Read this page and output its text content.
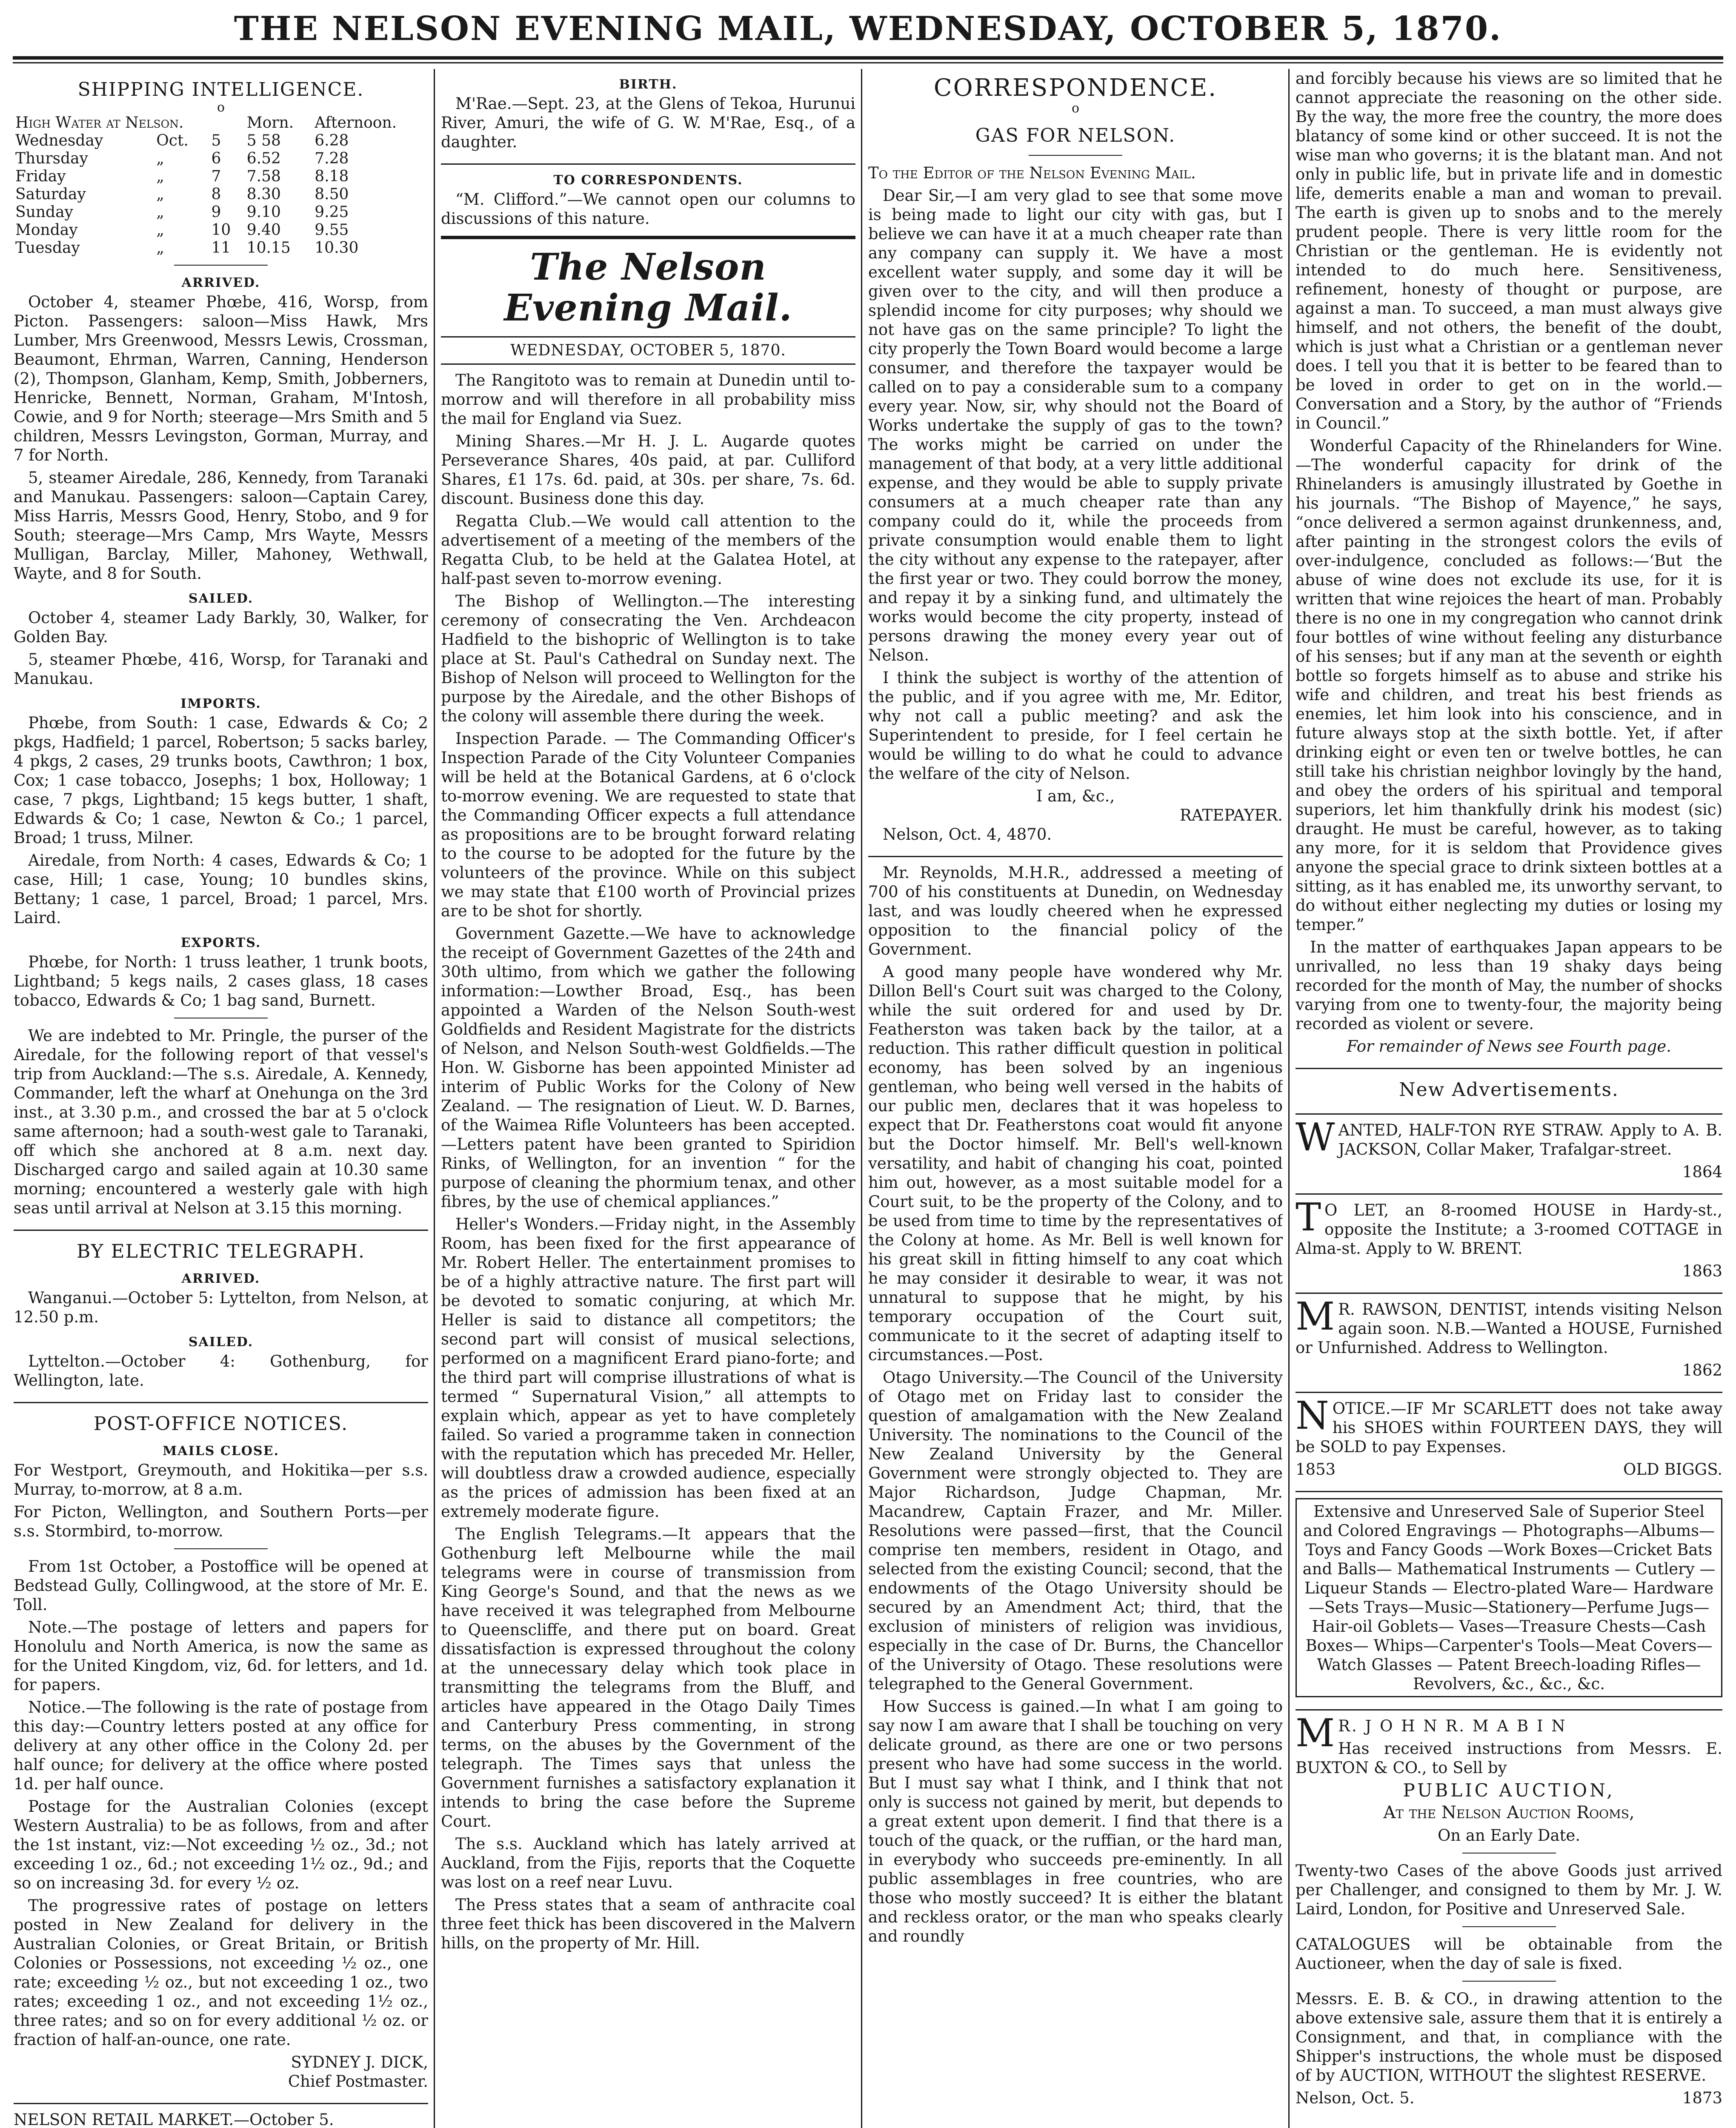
THE NELSON EVENING MAIL, WEDNESDAY, OCTOBER 5, 1870.
SHIPPING INTELLIGENCE.
o
High Water at Nelson.			Morn.	Afternoon.
Wednesday	Oct.	5	5 58	6.28
Thursday	„	6	6.52	7.28
Friday	„	7	7.58	8.18
Saturday	„	8	8.30	8.50
Sunday	„	9	9.10	9.25
Monday	„	10	9.40	9.55
Tuesday	„	11	10.15	10.30
ARRIVED.

October 4, steamer Phœbe, 416, Worsp, from Picton. Passengers: saloon—Miss Hawk, Mrs Lumber, Mrs Greenwood, Messrs Lewis, Crossman, Beaumont, Ehrman, Warren, Canning, Henderson (2), Thompson, Glanham, Kemp, Smith, Jobberners, Henricke, Bennett, Norman, Graham, M'Intosh, Cowie, and 9 for North; steerage—Mrs Smith and 5 children, Messrs Levingston, Gorman, Murray, and 7 for North.

5, steamer Airedale, 286, Kennedy, from Taranaki and Manukau. Passengers: saloon—Captain Carey, Miss Harris, Messrs Good, Henry, Stobo, and 9 for South; steerage—Mrs Camp, Mrs Wayte, Messrs Mulligan, Barclay, Miller, Mahoney, Wethwall, Wayte, and 8 for South.

SAILED.

October 4, steamer Lady Barkly, 30, Walker, for Golden Bay.

5, steamer Phœbe, 416, Worsp, for Taranaki and Manukau.

IMPORTS.

Phœbe, from South: 1 case, Edwards & Co; 2 pkgs, Hadfield; 1 parcel, Robertson; 5 sacks barley, 4 pkgs, 2 cases, 29 trunks boots, Cawthron; 1 box, Cox; 1 case tobacco, Josephs; 1 box, Holloway; 1 case, 7 pkgs, Lightband; 15 kegs butter, 1 shaft, Edwards & Co; 1 case, Newton & Co.; 1 parcel, Broad; 1 truss, Milner.

Airedale, from North: 4 cases, Edwards & Co; 1 case, Hill; 1 case, Young; 10 bundles skins, Bettany; 1 case, 1 parcel, Broad; 1 parcel, Mrs. Laird.

EXPORTS.

Phœbe, for North: 1 truss leather, 1 trunk boots, Lightband; 5 kegs nails, 2 cases glass, 18 cases tobacco, Edwards & Co; 1 bag sand, Burnett.

We are indebted to Mr. Pringle, the purser of the Airedale, for the following report of that vessel's trip from Auckland:—The s.s. Airedale, A. Kennedy, Commander, left the wharf at Onehunga on the 3rd inst., at 3.30 p.m., and crossed the bar at 5 o'clock same afternoon; had a south-west gale to Taranaki, off which she anchored at 8 a.m. next day. Discharged cargo and sailed again at 10.30 same morning; encountered a westerly gale with high seas until arrival at Nelson at 3.15 this morning.

BY ELECTRIC TELEGRAPH.
ARRIVED.

Wanganui.—October 5: Lyttelton, from Nelson, at 12.50 p.m.

SAILED.

Lyttelton.—October 4: Gothenburg, for Wellington, late.

POST-OFFICE NOTICES.
MAILS CLOSE.

For Westport, Greymouth, and Hokitika—per s.s. Murray, to-morrow, at 8 a.m.

For Picton, Wellington, and Southern Ports—per s.s. Stormbird, to-morrow.

From 1st October, a Postoffice will be opened at Bedstead Gully, Collingwood, at the store of Mr. E. Toll.

Note.—The postage of letters and papers for Honolulu and North America, is now the same as for the United Kingdom, viz, 6d. for letters, and 1d. for papers.

Notice.—The following is the rate of postage from this day:—Country letters posted at any office for delivery at any other office in the Colony 2d. per half ounce; for delivery at the office where posted 1d. per half ounce.

Postage for the Australian Colonies (except Western Australia) to be as follows, from and after the 1st instant, viz:—Not exceeding ½ oz., 3d.; not exceeding 1 oz., 6d.; not exceeding 1½ oz., 9d.; and so on increasing 3d. for every ½ oz.

The progressive rates of postage on letters posted in New Zealand for delivery in the Australian Colonies, or Great Britain, or British Colonies or Possessions, not exceeding ½ oz., one rate; exceeding ½ oz., but not exceeding 1 oz., two rates; exceeding 1 oz., and not exceeding 1½ oz., three rates; and so on for every additional ½ oz. or fraction of half-an-ounce, one rate.

SYDNEY J. DICK,
Chief Postmaster.
NELSON RETAIL MARKET.—October 5.

BIRTH.

M'Rae.—Sept. 23, at the Glens of Tekoa, Hurunui River, Amuri, the wife of G. W. M'Rae, Esq., of a daughter.

TO CORRESPONDENTS.

“M. Clifford.”—We cannot open our columns to discussions of this nature.

The Nelson Evening Mail.
WEDNESDAY, OCTOBER 5, 1870.

The Rangitoto was to remain at Dunedin until to-morrow and will therefore in all probability miss the mail for England via Suez.

Mining Shares.—Mr H. J. L. Augarde quotes Perseverance Shares, 40s paid, at par. Culliford Shares, £1 17s. 6d. paid, at 30s. per share, 7s. 6d. discount. Business done this day.

Regatta Club.—We would call attention to the advertisement of a meeting of the members of the Regatta Club, to be held at the Galatea Hotel, at half-past seven to-morrow evening.

The Bishop of Wellington.—The interesting ceremony of consecrating the Ven. Archdeacon Hadfield to the bishopric of Wellington is to take place at St. Paul's Cathedral on Sunday next. The Bishop of Nelson will proceed to Wellington for the purpose by the Airedale, and the other Bishops of the colony will assemble there during the week.

Inspection Parade. — The Commanding Officer's Inspection Parade of the City Volunteer Companies will be held at the Botanical Gardens, at 6 o'clock to-morrow evening. We are requested to state that the Commanding Officer expects a full attendance as propositions are to be brought forward relating to the course to be adopted for the future by the volunteers of the province. While on this subject we may state that £100 worth of Provincial prizes are to be shot for shortly.

Government Gazette.—We have to acknowledge the receipt of Government Gazettes of the 24th and 30th ultimo, from which we gather the following information:—Lowther Broad, Esq., has been appointed a Warden of the Nelson South-west Goldfields and Resident Magistrate for the districts of Nelson, and Nelson South-west Goldfields.—The Hon. W. Gisborne has been appointed Minister ad interim of Public Works for the Colony of New Zealand. — The resignation of Lieut. W. D. Barnes, of the Waimea Rifle Volunteers has been accepted.—Letters patent have been granted to Spiridion Rinks, of Wellington, for an invention “ for the purpose of cleaning the phormium tenax, and other fibres, by the use of chemical appliances.”

Heller's Wonders.—Friday night, in the Assembly Room, has been fixed for the first appearance of Mr. Robert Heller. The entertainment promises to be of a highly attractive nature. The first part will be devoted to somatic conjuring, at which Mr. Heller is said to distance all competitors; the second part will consist of musical selections, performed on a magnificent Erard piano-forte; and the third part will comprise illustrations of what is termed “ Supernatural Vision,” all attempts to explain which, appear as yet to have completely failed. So varied a programme taken in connection with the reputation which has preceded Mr. Heller, will doubtless draw a crowded audience, especially as the prices of admission has been fixed at an extremely moderate figure.

The English Telegrams.—It appears that the Gothenburg left Melbourne while the mail telegrams were in course of transmission from King George's Sound, and that the news as we have received it was telegraphed from Melbourne to Queenscliffe, and there put on board. Great dissatisfaction is expressed throughout the colony at the unnecessary delay which took place in transmitting the telegrams from the Bluff, and articles have appeared in the Otago Daily Times and Canterbury Press commenting, in strong terms, on the abuses by the Government of the telegraph. The Times says that unless the Government furnishes a satisfactory explanation it intends to bring the case before the Supreme Court.

The s.s. Auckland which has lately arrived at Auckland, from the Fijis, reports that the Coquette was lost on a reef near Luvu.

The Press states that a seam of anthracite coal three feet thick has been discovered in the Malvern hills, on the property of Mr. Hill.

CORRESPONDENCE.
o
GAS FOR NELSON.

To the Editor of the Nelson Evening Mail.

Dear Sir,—I am very glad to see that some move is being made to light our city with gas, but I believe we can have it at a much cheaper rate than any company can supply it. We have a most excellent water supply, and some day it will be given over to the city, and will then produce a splendid income for city purposes; why should we not have gas on the same principle? To light the city properly the Town Board would become a large consumer, and therefore the taxpayer would be called on to pay a considerable sum to a company every year. Now, sir, why should not the Board of Works undertake the supply of gas to the town? The works might be carried on under the management of that body, at a very little additional expense, and they would be able to supply private consumers at a much cheaper rate than any company could do it, while the proceeds from private consumption would enable them to light the city without any expense to the ratepayer, after the first year or two. They could borrow the money, and repay it by a sinking fund, and ultimately the works would become the city property, instead of persons drawing the money every year out of Nelson.

I think the subject is worthy of the attention of the public, and if you agree with me, Mr. Editor, why not call a public meeting? and ask the Superintendent to preside, for I feel certain he would be willing to do what he could to advance the welfare of the city of Nelson.

I am, &c.,
RATEPAYER.

Nelson, Oct. 4, 4870.

Mr. Reynolds, M.H.R., addressed a meeting of 700 of his constituents at Dunedin, on Wednesday last, and was loudly cheered when he expressed opposition to the financial policy of the Government.

A good many people have wondered why Mr. Dillon Bell's Court suit was charged to the Colony, while the suit ordered for and used by Dr. Featherston was taken back by the tailor, at a reduction. This rather difficult question in political economy, has been solved by an ingenious gentleman, who being well versed in the habits of our public men, declares that it was hopeless to expect that Dr. Featherstons coat would fit anyone but the Doctor himself. Mr. Bell's well-known versatility, and habit of changing his coat, pointed him out, however, as a most suitable model for a Court suit, to be the property of the Colony, and to be used from time to time by the representatives of the Colony at home. As Mr. Bell is well known for his great skill in fitting himself to any coat which he may consider it desirable to wear, it was not unnatural to suppose that he might, by his temporary occupation of the Court suit, communicate to it the secret of adapting itself to circumstances.—Post.

Otago University.—The Council of the University of Otago met on Friday last to consider the question of amalgamation with the New Zealand University. The nominations to the Council of the New Zealand University by the General Government were strongly objected to. They are Major Richardson, Judge Chapman, Mr. Macandrew, Captain Frazer, and Mr. Miller. Resolutions were passed—first, that the Council comprise ten members, resident in Otago, and selected from the existing Council; second, that the endowments of the Otago University should be secured by an Amendment Act; third, that the exclusion of ministers of religion was invidious, especially in the case of Dr. Burns, the Chancellor of the University of Otago. These resolutions were telegraphed to the General Government.

How Success is gained.—In what I am going to say now I am aware that I shall be touching on very delicate ground, as there are one or two persons present who have had some success in the world. But I must say what I think, and I think that not only is success not gained by merit, but depends to a great extent upon demerit. I find that there is a touch of the quack, or the ruffian, or the hard man, in everybody who succeeds pre-eminently. In all public assemblages in free countries, who are those who mostly succeed? It is either the blatant and reckless orator, or the man who speaks clearly and roundly

and forcibly because his views are so limited that he cannot appreciate the reasoning on the other side. By the way, the more free the country, the more does blatancy of some kind or other succeed. It is not the wise man who governs; it is the blatant man. And not only in public life, but in private life and in domestic life, demerits enable a man and woman to prevail. The earth is given up to snobs and to the merely prudent people. There is very little room for the Christian or the gentleman. He is evidently not intended to do much here. Sensitiveness, refinement, honesty of thought or purpose, are against a man. To succeed, a man must always give himself, and not others, the benefit of the doubt, which is just what a Christian or a gentleman never does. I tell you that it is better to be feared than to be loved in order to get on in the world.—Conversation and a Story, by the author of “Friends in Council.”

Wonderful Capacity of the Rhinelanders for Wine.—The wonderful capacity for drink of the Rhinelanders is amusingly illustrated by Goethe in his journals. “The Bishop of Mayence,” he says, “once delivered a sermon against drunkenness, and, after painting in the strongest colors the evils of over-indulgence, concluded as follows:—‘But the abuse of wine does not exclude its use, for it is written that wine rejoices the heart of man. Probably there is no one in my congregation who cannot drink four bottles of wine without feeling any disturbance of his senses; but if any man at the seventh or eighth bottle so forgets himself as to abuse and strike his wife and children, and treat his best friends as enemies, let him look into his conscience, and in future always stop at the sixth bottle. Yet, if after drinking eight or even ten or twelve bottles, he can still take his christian neighbor lovingly by the hand, and obey the orders of his spiritual and temporal superiors, let him thankfully drink his modest (sic) draught. He must be careful, however, as to taking any more, for it is seldom that Providence gives anyone the special grace to drink sixteen bottles at a sitting, as it has enabled me, its unworthy servant, to do without either neglecting my duties or losing my temper.”

In the matter of earthquakes Japan appears to be unrivalled, no less than 19 shaky days being recorded for the month of May, the number of shocks varying from one to twenty-four, the majority being recorded as violent or severe.

For remainder of News see Fourth page.

New Advertisements.

WANTED, HALF-TON RYE STRAW. Apply to A. B. JACKSON, Collar Maker, Trafalgar-street.

1864

T O LET, an 8-roomed HOUSE in Hardy-st., opposite the Institute; a 3-roomed COTTAGE in Alma-st. Apply to W. BRENT.

1863

M R. RAWSON, DENTIST, intends visiting Nelson again soon. N.B.—Wanted a HOUSE, Furnished or Unfurnished. Address to Wellington.

1862

NOTICE.—IF Mr SCARLETT does not take away his SHOES within FOURTEEN DAYS, they will be SOLD to pay Expenses.

1853	OLD BIGGS.
Extensive and Unreserved Sale of Superior Steel and Colored Engravings — Photographs—Albums—Toys and Fancy Goods —Work Boxes—Cricket Bats and Balls— Mathematical Instruments — Cutlery — Liqueur Stands — Electro-plated Ware— Hardware—Sets Trays—Music—Stationery—Perfume Jugs— Hair-oil Goblets— Vases—Treasure Chests—Cash Boxes— Whips—Carpenter's Tools—Meat Covers— Watch Glasses — Patent Breech-loading Rifles—Revolvers, &c., &c., &c.

M R. J O H N R. M A B I N

Has received instructions from Messrs. E. BUXTON & CO., to Sell by

PUBLIC AUCTION,

At the Nelson Auction Rooms,

On an Early Date.

Twenty-two Cases of the above Goods just arrived per Challenger, and consigned to them by Mr. J. W. Laird, London, for Positive and Unreserved Sale.

CATALOGUES will be obtainable from the Auctioneer, when the day of sale is fixed.

Messrs. E. B. & CO., in drawing attention to the above extensive sale, assure them that it is entirely a Consignment, and that, in compliance with the Shipper's instructions, the whole must be disposed of by AUCTION, WITHOUT the slightest RESERVE.

Nelson, Oct. 5.	1873
